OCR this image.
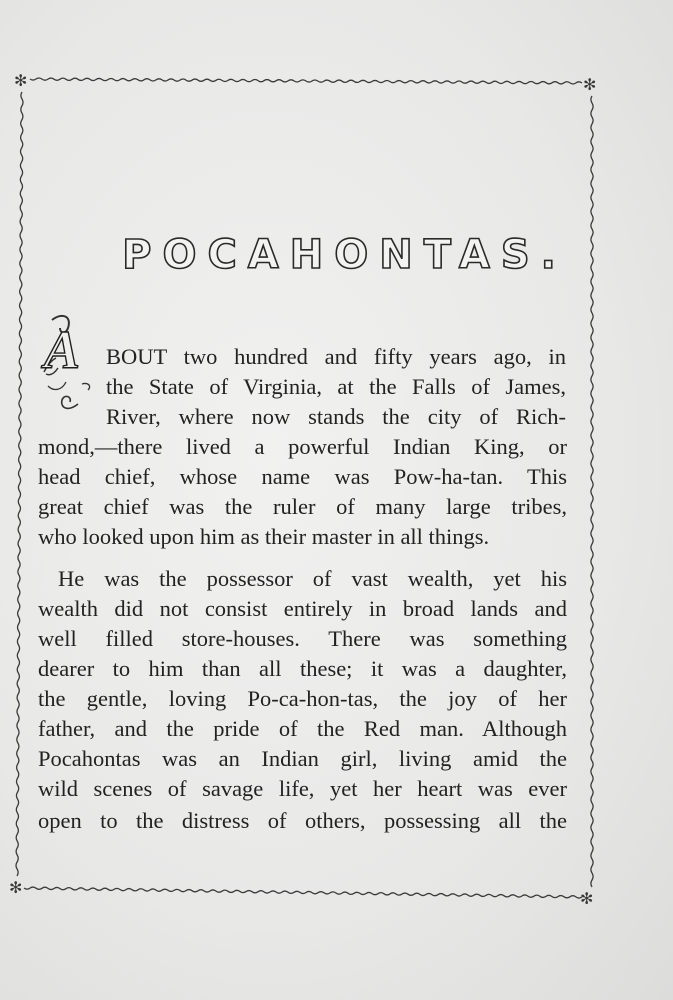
✻	✻
✻
✻
POCAHONTAS.
A BOUT two hundred and fifty years ago, in
the State of Virginia, at the Falls of James,
River, where now stands the city of Rich-
mond,—there lived a powerful Indian King, or
head chief, whose name was Pow-ha-tan. This
great chief was the ruler of many large tribes,
who looked upon him as their master in all things.
He was the possessor of vast wealth, yet his
wealth did not consist entirely in broad lands and
well filled store-houses. There was something
dearer to him than all these; it was a daughter,
the gentle, loving Po-ca-hon-tas, the joy of her
father, and the pride of the Red man. Although
Pocahontas was an Indian girl, living amid the
wild scenes of savage life, yet her heart was ever
open to the distress of others, possessing all the
